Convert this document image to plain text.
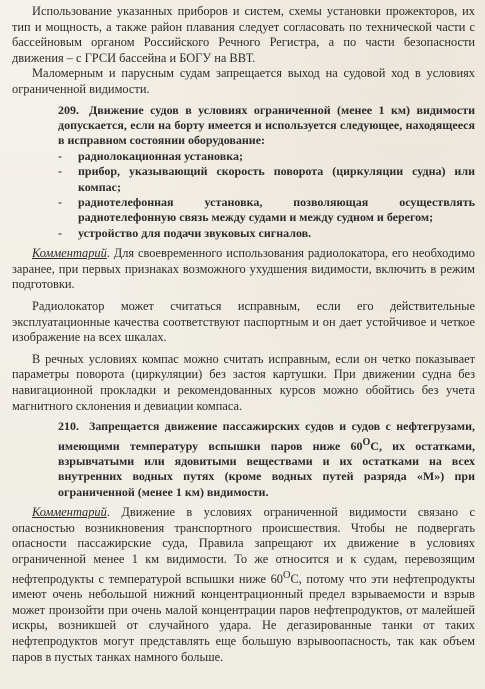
Использование указанных приборов и систем, схемы установки прожекторов, их тип и мощность, а также район плавания следует согласовать по технической части с бассейновым органом Российского Речного Регистра, а по части безопасности движения – с ГРСИ бассейна и БОГУ на ВВТ.

Маломерным и парусным судам запрещается выход на судовой ход в условиях ограниченной видимости.

209. Движение судов в условиях ограниченной (менее 1 км) видимости допускается, если на борту имеется и используется следующее, находящееся в исправном состоянии оборудование:

- радиолокационная установка;
- прибор, указывающий скорость поворота (циркуляции судна) или компас;
- радиотелефонная установка, позволяющая осуществлять радиотелефонную связь между судами и между судном и берегом;
- устройство для подачи звуковых сигналов.

Комментарий. Для своевременного использования радиолокатора, его необходимо заранее, при первых признаках возможного ухудшения видимости, включить в режим подготовки.

Радиолокатор может считаться исправным, если его действительные эксплуатационные качества соответствуют паспортным и он дает устойчивое и четкое изображение на всех шкалах.

В речных условиях компас можно считать исправным, если он четко показывает параметры поворота (циркуляции) без застоя картушки. При движении судна без навигационной прокладки и рекомендованных курсов можно обойтись без учета магнитного склонения и девиации компаса.

210. Запрещается движение пассажирских судов и судов с нефтегрузами, имеющими температуру вспышки паров ниже $60^ОС$, их остатками, взрывчатыми или ядовитыми веществами и их остатками на всех внутренних водных путях (кроме водных путей разряда «М») при ограниченной (менее 1 км) видимости.

Комментарий. Движение в условиях ограниченной видимости связано с опасностью возникновения транспортного происшествия. Чтобы не подвергать опасности пассажирские суда, Правила запрещают их движение в условиях ограниченной менее 1 км видимости. То же относится и к судам, перевозящим нефтепродукты с температурой вспышки ниже $60^ОС$, потому что эти нефтепродукты имеют очень небольшой нижний концентрационный предел взрываемости и взрыв может произойти при очень малой концентрации паров нефтепродуктов, от малейшей искры, возникшей от случайного удара. Не дегазированные танки от таких нефтепродуктов могут представлять еще большую взрывоопасность, так как объем паров в пустых танках намного больше.
